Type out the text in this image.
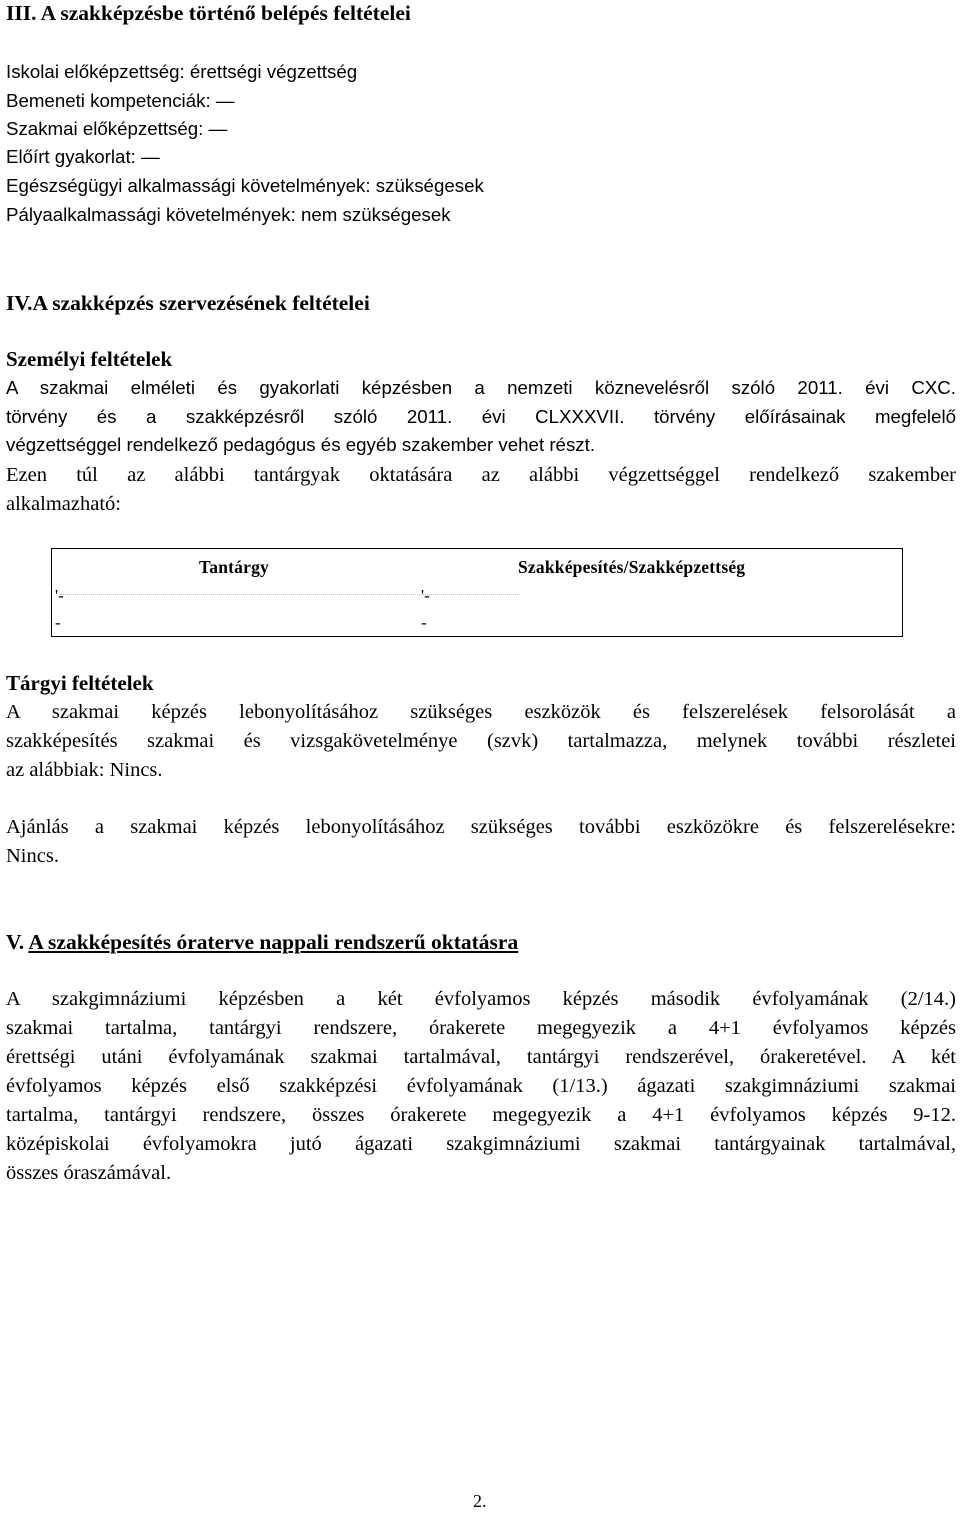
III. A szakképzésbe történő belépés feltételei
Iskolai előképzettség: érettségi végzettség
Bemeneti kompetenciák: —
Szakmai előképzettség: —
Előírt gyakorlat: —
Egészségügyi alkalmassági követelmények: szükségesek
Pályaalkalmassági követelmények: nem szükségesek
IV.A szakképzés szervezésének feltételei
Személyi feltételek
A szakmai elméleti és gyakorlati képzésben a nemzeti köznevelésről szóló 2011. évi CXC.
törvény és a szakképzésről szóló 2011. évi CLXXXVII. törvény előírásainak megfelelő
végzettséggel rendelkező pedagógus és egyéb szakember vehet részt.
Ezen túl az alábbi tantárgyak oktatására az alábbi végzettséggel rendelkező szakember
alkalmazható:
Tantárgy	Szakképesítés/Szakképzettség
'-	'-
-	-
Tárgyi feltételek
A szakmai képzés lebonyolításához szükséges eszközök és felszerelések felsorolását a
szakképesítés szakmai és vizsgakövetelménye (szvk) tartalmazza, melynek további részletei
az alábbiak: Nincs.
Ajánlás a szakmai képzés lebonyolításához szükséges további eszközökre és felszerelésekre:
Nincs.
V. A szakképesítés óraterve nappali rendszerű oktatásra
A szakgimnáziumi képzésben a két évfolyamos képzés második évfolyamának (2/14.)
szakmai tartalma, tantárgyi rendszere, órakerete megegyezik a 4+1 évfolyamos képzés
érettségi utáni évfolyamának szakmai tartalmával, tantárgyi rendszerével, órakeretével. A két
évfolyamos képzés első szakképzési évfolyamának (1/13.) ágazati szakgimnáziumi szakmai
tartalma, tantárgyi rendszere, összes órakerete megegyezik a 4+1 évfolyamos képzés 9-12.
középiskolai évfolyamokra jutó ágazati szakgimnáziumi szakmai tantárgyainak tartalmával,
összes óraszámával.
2.
